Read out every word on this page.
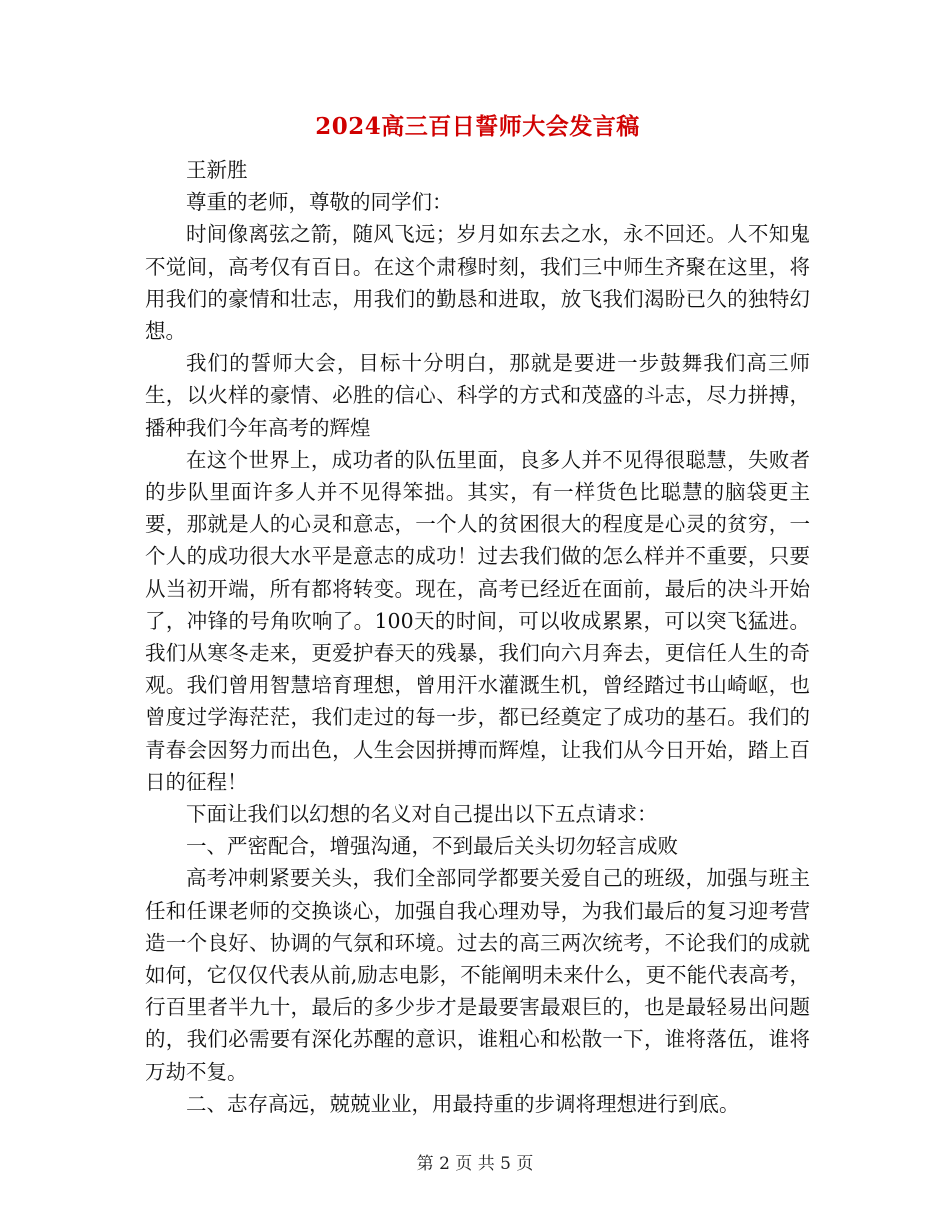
2024高三百日誓师大会发言稿

王新胜

尊重的老师，尊敬的同学们：

时间像离弦之箭，随风飞远；岁月如东去之水，永不回还。人不知鬼不觉间，高考仅有百日。在这个肃穆时刻，我们三中师生齐聚在这里，将用我们的豪情和壮志，用我们的勤恳和进取，放飞我们渴盼已久的独特幻想。

我们的誓师大会，目标十分明白，那就是要进一步鼓舞我们高三师生，以火样的豪情、必胜的信心、科学的方式和茂盛的斗志，尽力拼搏，播种我们今年高考的辉煌

在这个世界上，成功者的队伍里面，良多人并不见得很聪慧，失败者的步队里面许多人并不见得笨拙。其实，有一样货色比聪慧的脑袋更主要，那就是人的心灵和意志，一个人的贫困很大的程度是心灵的贫穷，一个人的成功很大水平是意志的成功！过去我们做的怎么样并不重要，只要从当初开端，所有都将转变。现在，高考已经近在面前，最后的决斗开始了，冲锋的号角吹响了。100天的时间，可以收成累累，可以突飞猛进。我们从寒冬走来，更爱护春天的残暴，我们向六月奔去，更信任人生的奇观。我们曾用智慧培育理想，曾用汗水灌溉生机，曾经踏过书山崎岖，也曾度过学海茫茫，我们走过的每一步，都已经奠定了成功的基石。我们的青春会因努力而出色，人生会因拼搏而辉煌，让我们从今日开始，踏上百日的征程！

下面让我们以幻想的名义对自己提出以下五点请求：

一、严密配合，增强沟通，不到最后关头切勿轻言成败

高考冲刺紧要关头，我们全部同学都要关爱自己的班级，加强与班主任和任课老师的交换谈心，加强自我心理劝导，为我们最后的复习迎考营造一个良好、协调的气氛和环境。过去的高三两次统考，不论我们的成就如何，它仅仅代表从前,励志电影，不能阐明未来什么，更不能代表高考，行百里者半九十，最后的多少步才是最要害最艰巨的，也是最轻易出问题的，我们必需要有深化苏醒的意识，谁粗心和松散一下，谁将落伍，谁将万劫不复。

二、志存高远，兢兢业业，用最持重的步调将理想进行到底。

第 2 页 共 5 页
